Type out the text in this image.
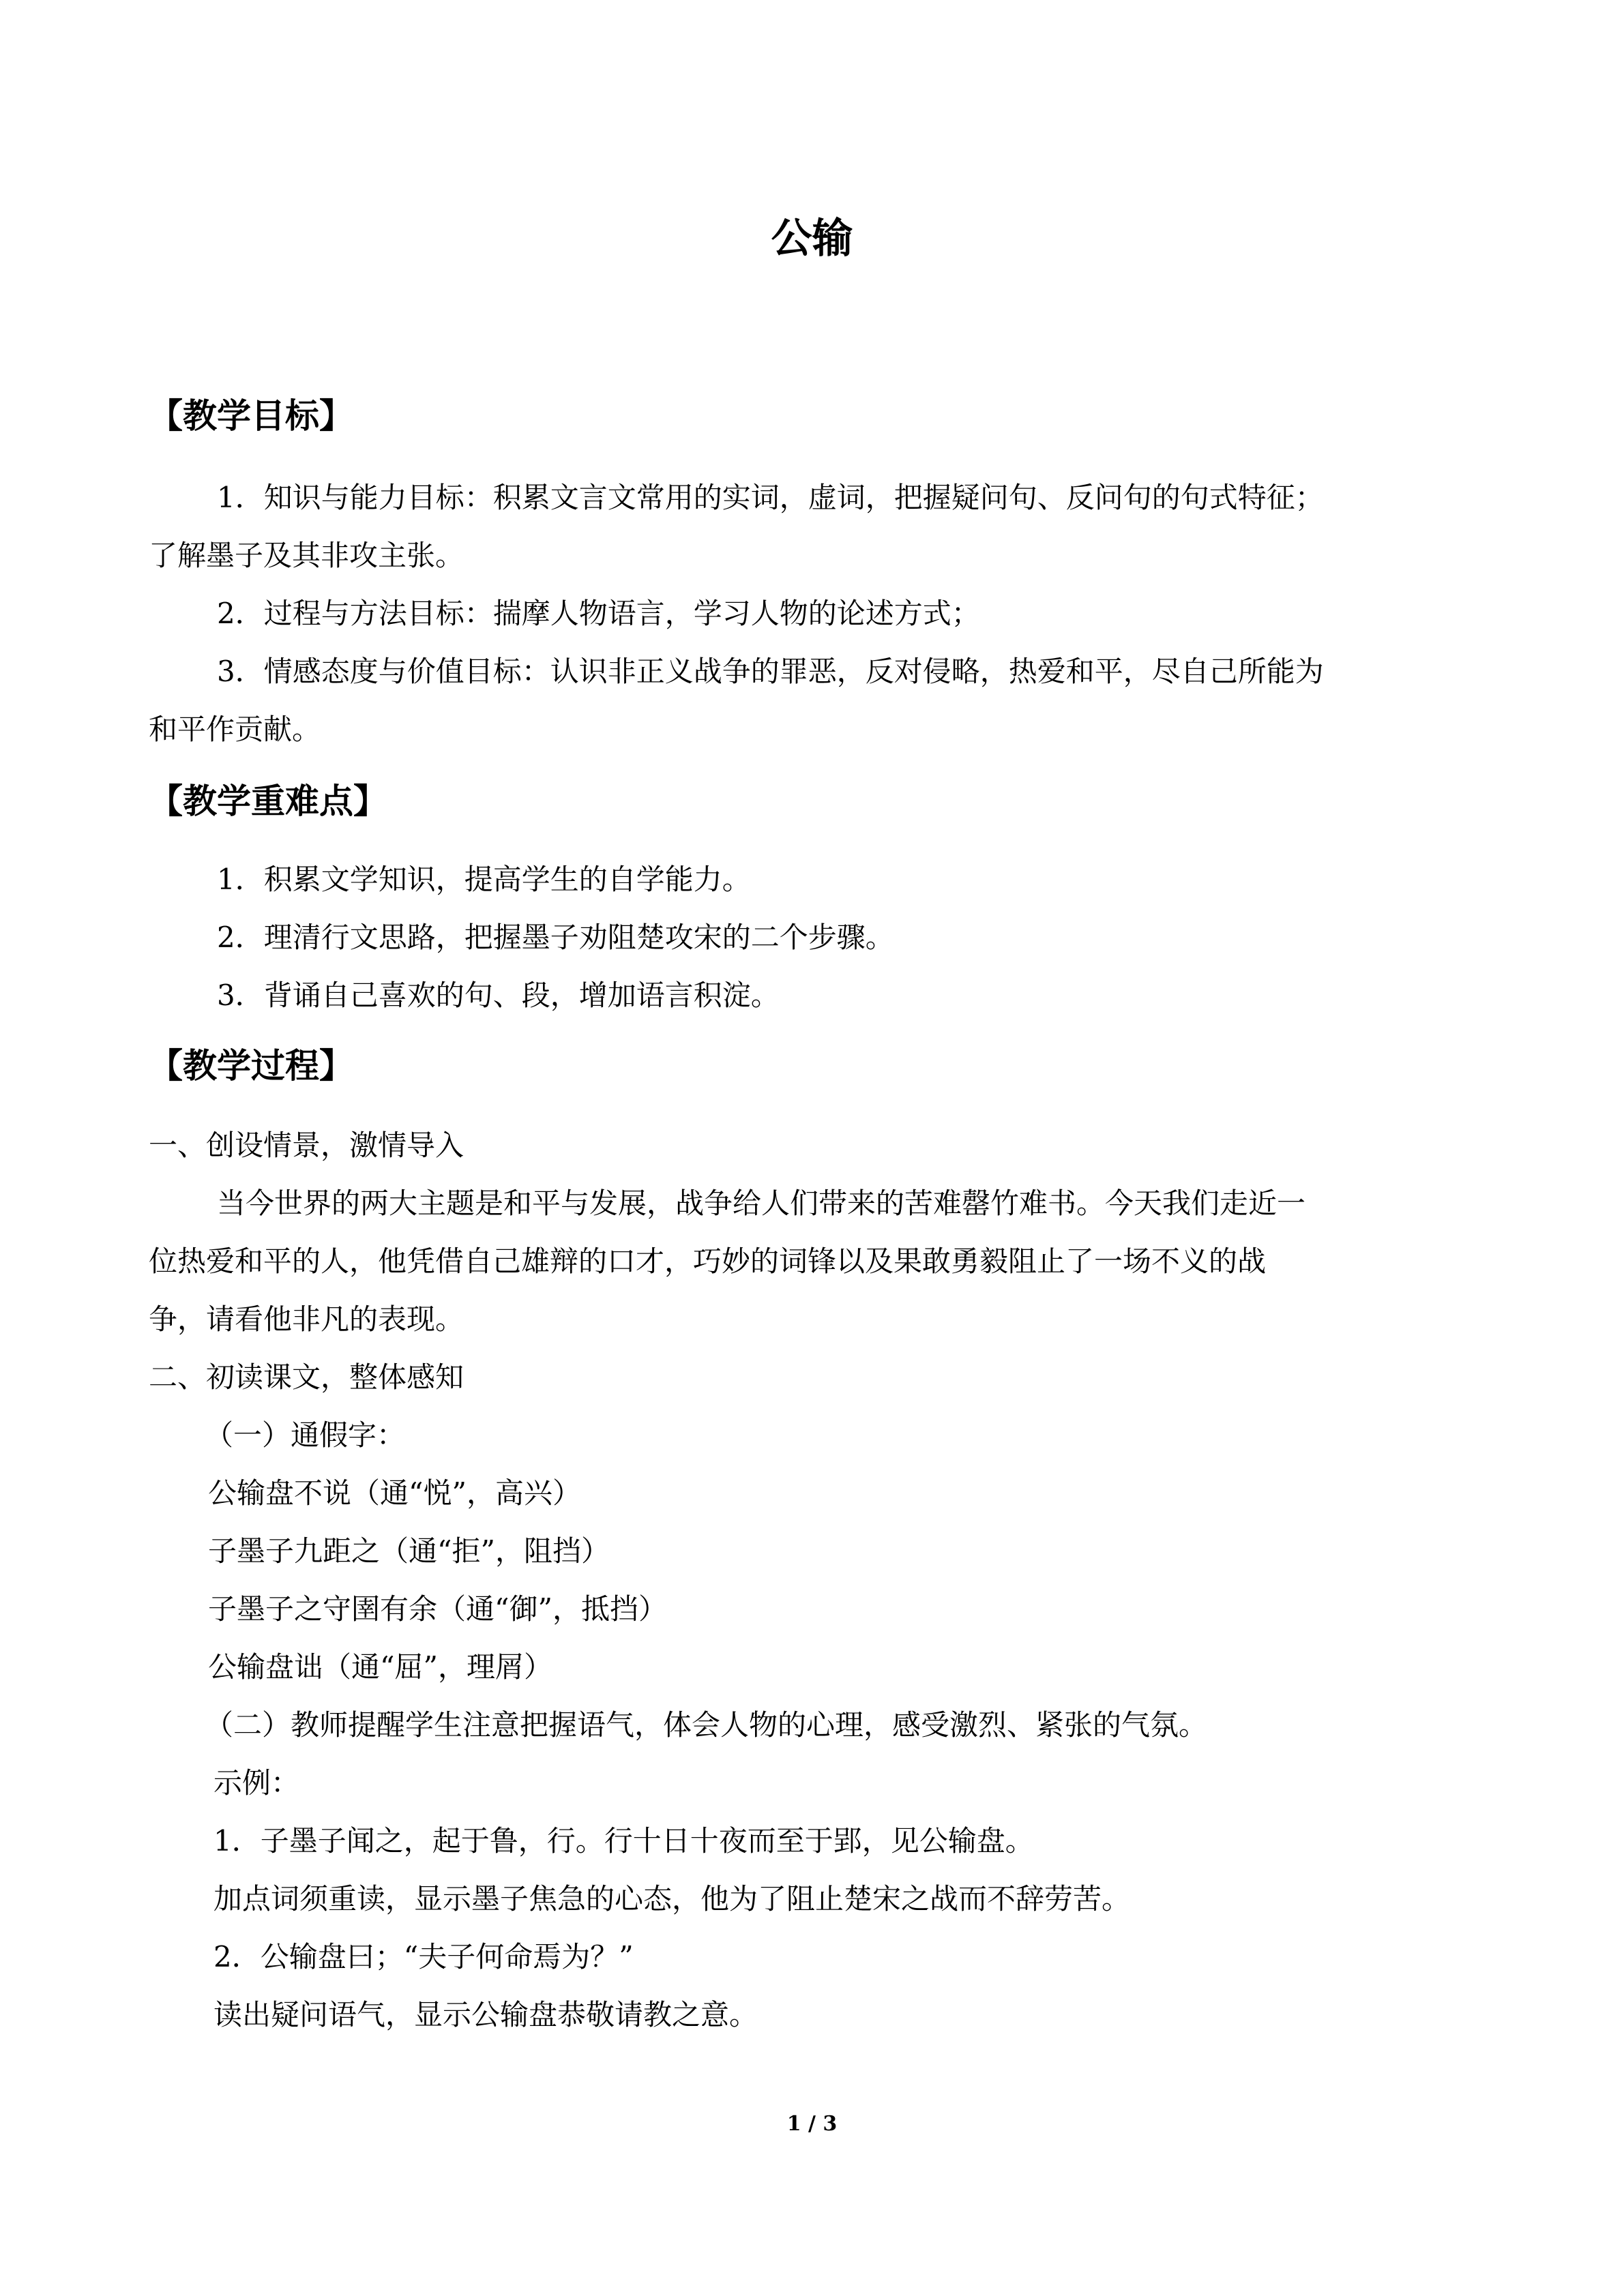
公输
【教学目标】
1．知识与能力目标：积累文言文常用的实词，虚词，把握疑问句、反问句的句式特征；
了解墨子及其非攻主张。
2．过程与方法目标：揣摩人物语言，学习人物的论述方式；
3．情感态度与价值目标：认识非正义战争的罪恶，反对侵略，热爱和平，尽自己所能为
和平作贡献。
【教学重难点】
1．积累文学知识，提高学生的自学能力。
2．理清行文思路，把握墨子劝阻楚攻宋的二个步骤。
3．背诵自己喜欢的句、段，增加语言积淀。
【教学过程】
一、创设情景，激情导入
当今世界的两大主题是和平与发展，战争给人们带来的苦难罄竹难书。今天我们走近一
位热爱和平的人，他凭借自己雄辩的口才，巧妙的词锋以及果敢勇毅阻止了一场不义的战
争，请看他非凡的表现。
二、初读课文，整体感知
（一）通假字：
公输盘不说（通“悦”，高兴）
子墨子九距之（通“拒”，阻挡）
子墨子之守圉有余（通“御”，抵挡）
公输盘诎（通“屈”，理屑）
（二）教师提醒学生注意把握语气，体会人物的心理，感受激烈、紧张的气氛。
示例：
1．子墨子闻之，起于鲁，行。行十日十夜而至于郢，见公输盘。
加点词须重读，显示墨子焦急的心态，他为了阻止楚宋之战而不辞劳苦。
2．公输盘曰；“夫子何命焉为？”
读出疑问语气，显示公输盘恭敬请教之意。
1 / 3
